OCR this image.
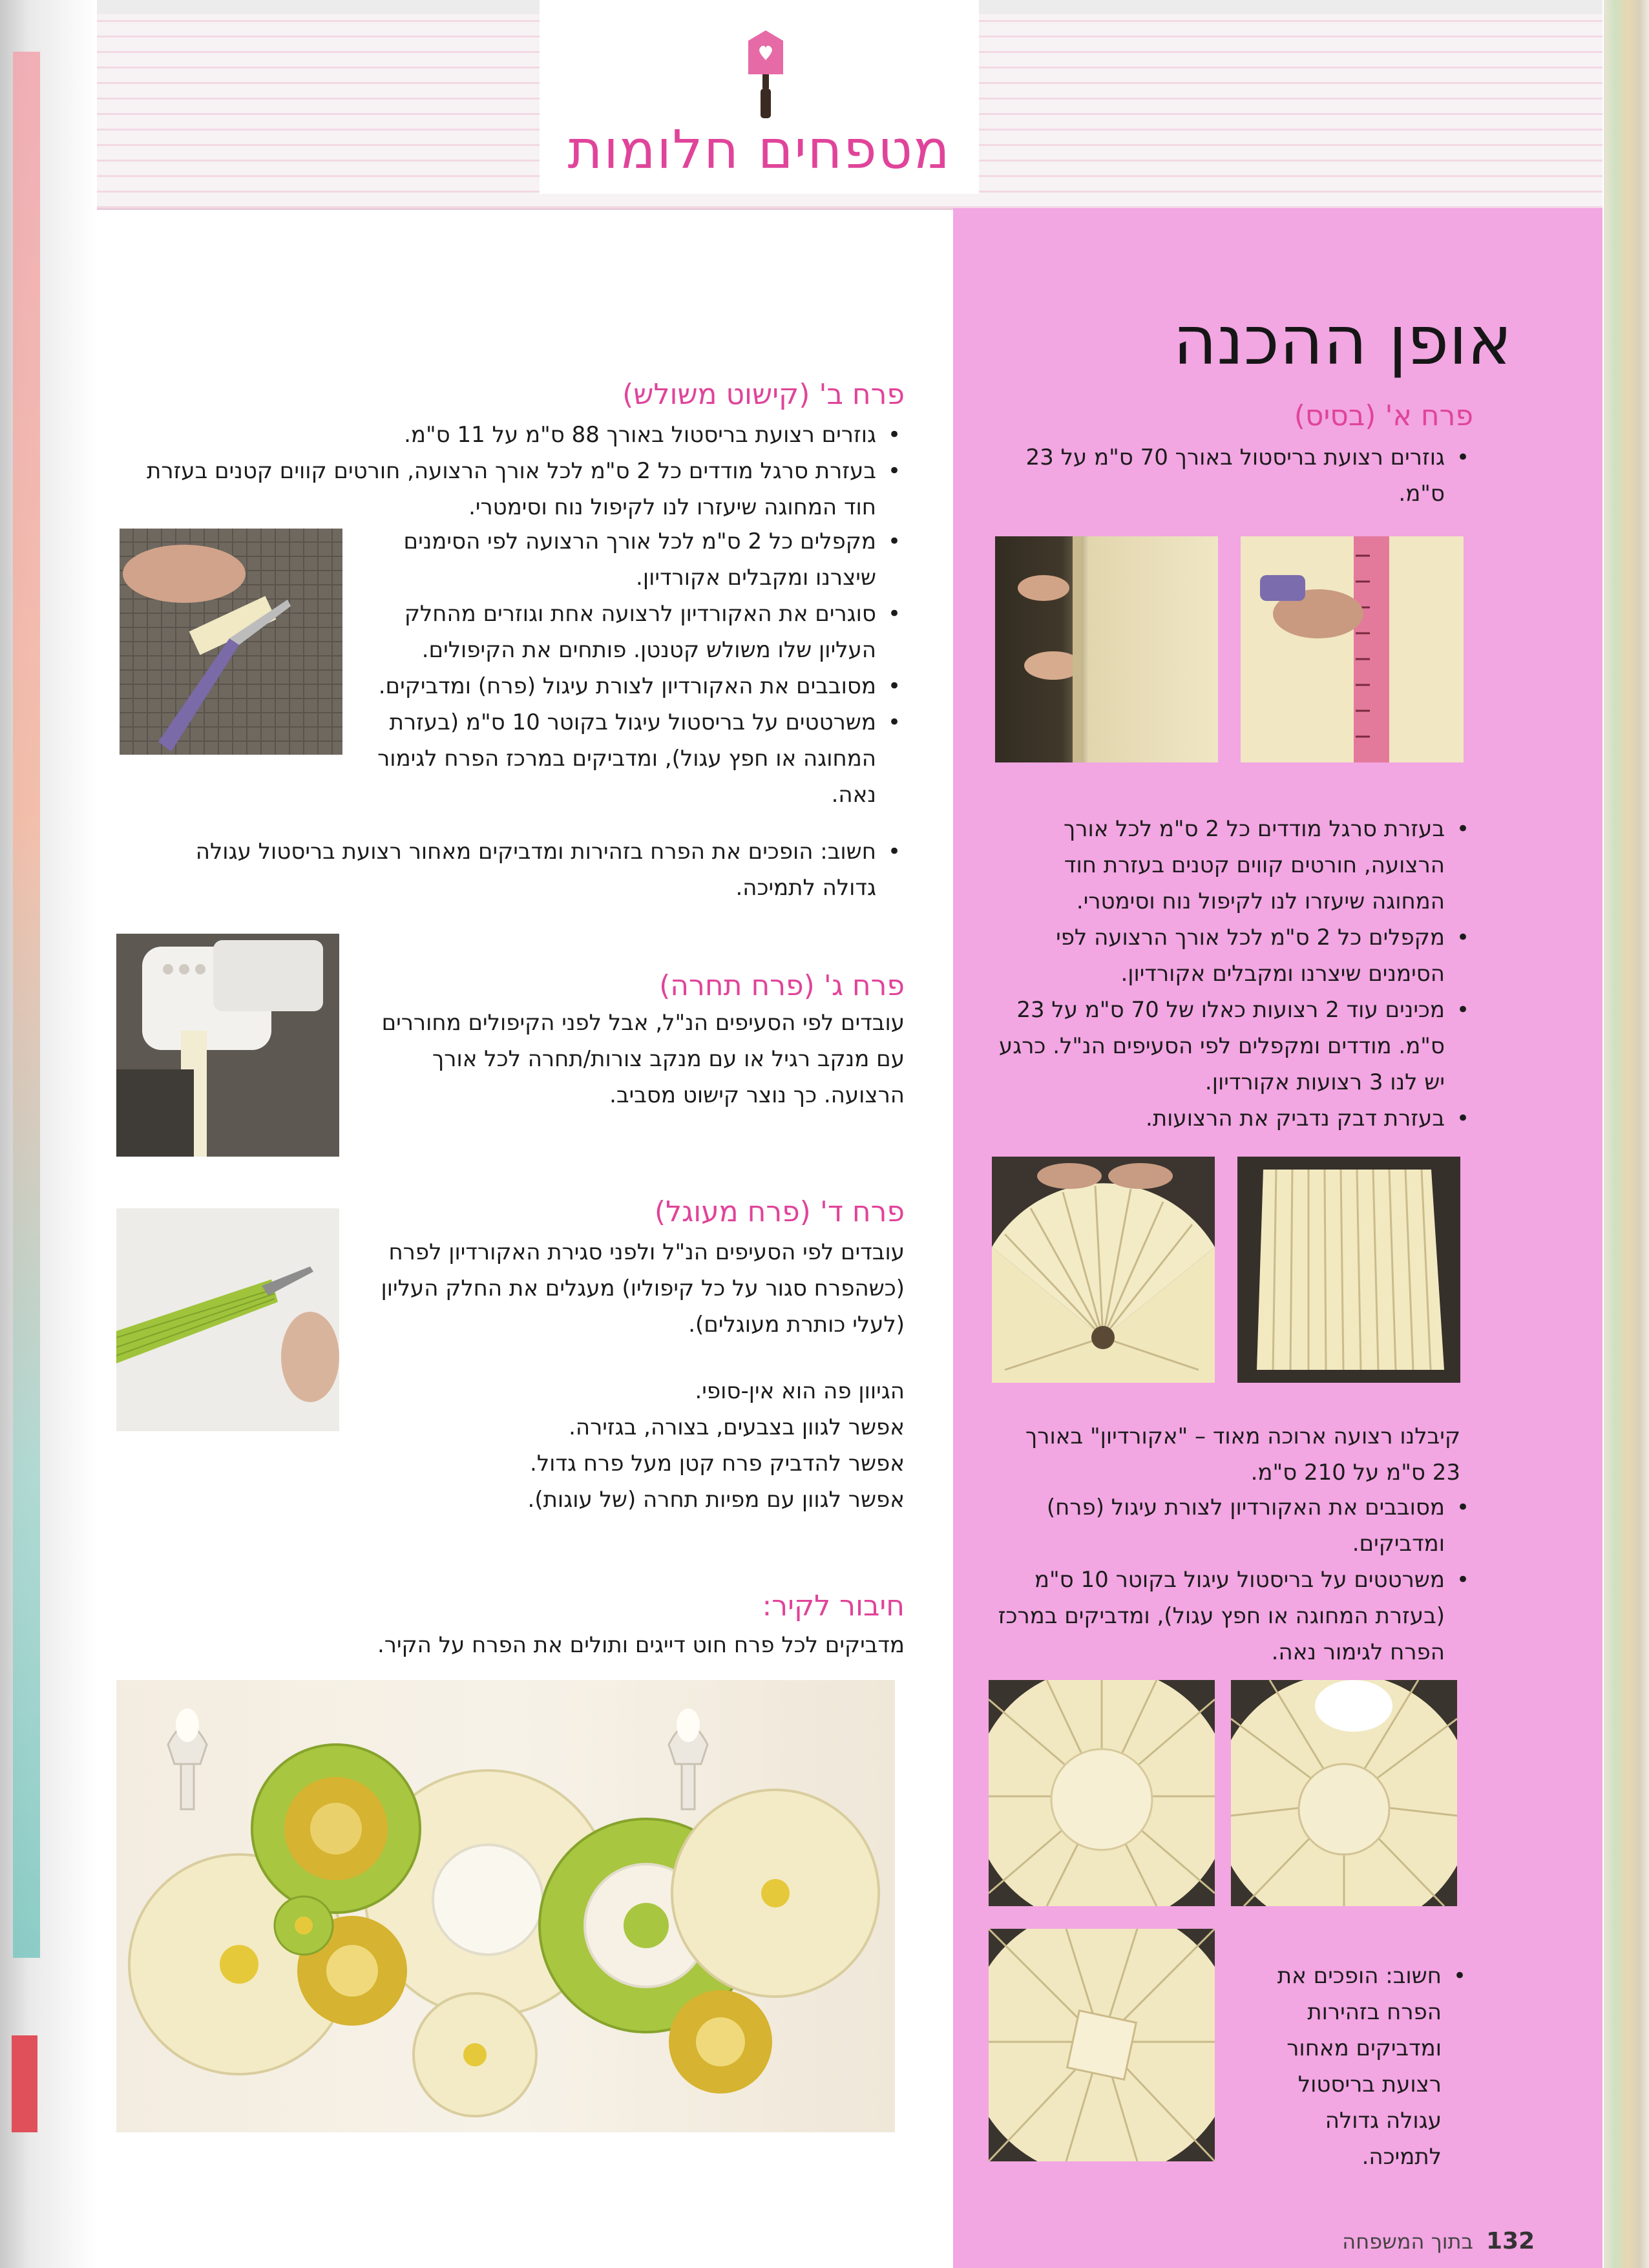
מטפחים חלומות
אופן ההכנה
פרח א' (בסיס)
• גוזרים רצועת בריסטול באורך 70 ס"מ על 23 ס"מ.
• בעזרת סרגל מודדים כל 2 ס"מ לכל אורך הרצועה, חורטים קווים קטנים בעזרת חוד המחוגה שיעזרו לנו לקיפול נוח וסימטרי.
• מקפלים כל 2 ס"מ לכל אורך הרצועה לפי הסימנים שיצרנו ומקבלים אקורדיון.
• מכינים עוד 2 רצועות כאלו של 70 ס"מ על 23 ס"מ. מודדים ומקפלים לפי הסעיפים הנ"ל. כרגע יש לנו 3 רצועות אקורדיון.
• בעזרת דבק נדביק את הרצועות.

קיבלנו רצועה ארוכה מאוד – "אקורדיון" באורך 23 ס"מ על 210 ס"מ.

• מסובבים את האקורדיון לצורת עיגול (פרח) ומדביקים.
• משרטטים על בריסטול עיגול בקוטר 10 ס"מ (בעזרת המחוגה או חפץ עגול), ומדביקים במרכז הפרח לגימור נאה.
• חשוב: הופכים את הפרח בזהירות ומדביקים מאחור רצועת בריסטול עגולה גדולה לתמיכה.
פרח ב' (קישוט משולש)
• גוזרים רצועת בריסטול באורך 88 ס"מ על 11 ס"מ.
• בעזרת סרגל מודדים כל 2 ס"מ לכל אורך הרצועה, חורטים קווים קטנים בעזרת חוד המחוגה שיעזרו לנו לקיפול נוח וסימטרי.
• מקפלים כל 2 ס"מ לכל אורך הרצועה לפי הסימנים שיצרנו ומקבלים אקורדיון.
• סוגרים את האקורדיון לרצועה אחת וגוזרים מהחלק העליון שלו משולש קטנטן. פותחים את הקיפולים.
• מסובבים את האקורדיון לצורת עיגול (פרח) ומדביקים.
• משרטטים על בריסטול עיגול בקוטר 10 ס"מ (בעזרת המחוגה או חפץ עגול), ומדביקים במרכז הפרח לגימור נאה.
• חשוב: הופכים את הפרח בזהירות ומדביקים מאחור רצועת בריסטול עגולה גדולה לתמיכה.
פרח ג' (פרח תחרה)

עובדים לפי הסעיפים הנ"ל, אבל לפני הקיפולים מחוררים עם מנקב רגיל או עם מנקב צורות/תחרה לכל אורך הרצועה. כך נוצר קישוט מסביב.

פרח ד' (פרח מעוגל)

עובדים לפי הסעיפים הנ"ל ולפני סגירת האקורדיון לפרח (כשהפרח סגור על כל קיפוליו) מעגלים את החלק העליון (לעלי כותרת מעוגלים).

הגיוון פה הוא אין-סופי.

אפשר לגוון בצבעים, בצורה, בגזירה.

אפשר להדביק פרח קטן מעל פרח גדול.

אפשר לגוון עם מפיות תחרה (של עוגות).

חיבור לקיר:

מדביקים לכל פרח חוט דייגים ותולים את הפרח על הקיר.

בתוך המשפחה 132
